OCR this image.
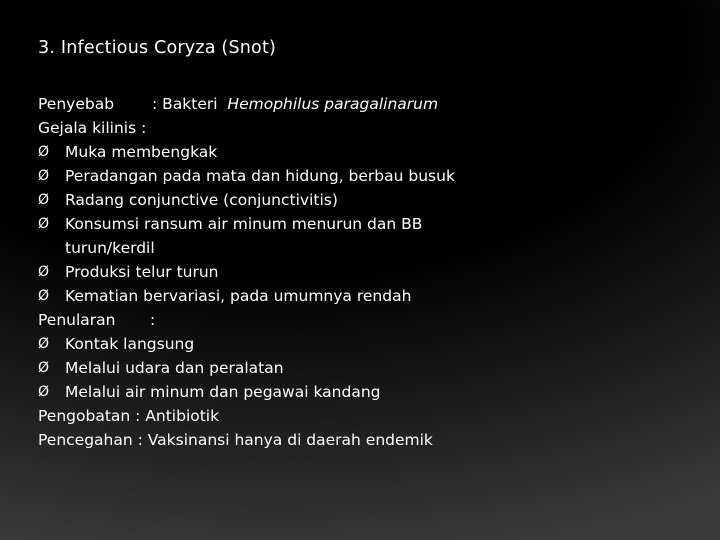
3. Infectious Coryza (Snot)
Penyebab : Bakteri Hemophilus paragalinarum
Gejala kilinis :
Ø	Muka membengkak
Ø	Peradangan pada mata dan hidung, berbau busuk
Ø	Radang conjunctive (conjunctivitis)
Ø	Konsumsi ransum air minum menurun dan BB
turun/kerdil
Ø	Produksi telur turun
Ø	Kematian bervariasi, pada umumnya rendah
Penularan :
Ø	Kontak langsung
Ø	Melalui udara dan peralatan
Ø	Melalui air minum dan pegawai kandang
Pengobatan : Antibiotik
Pencegahan : Vaksinansi hanya di daerah endemik
